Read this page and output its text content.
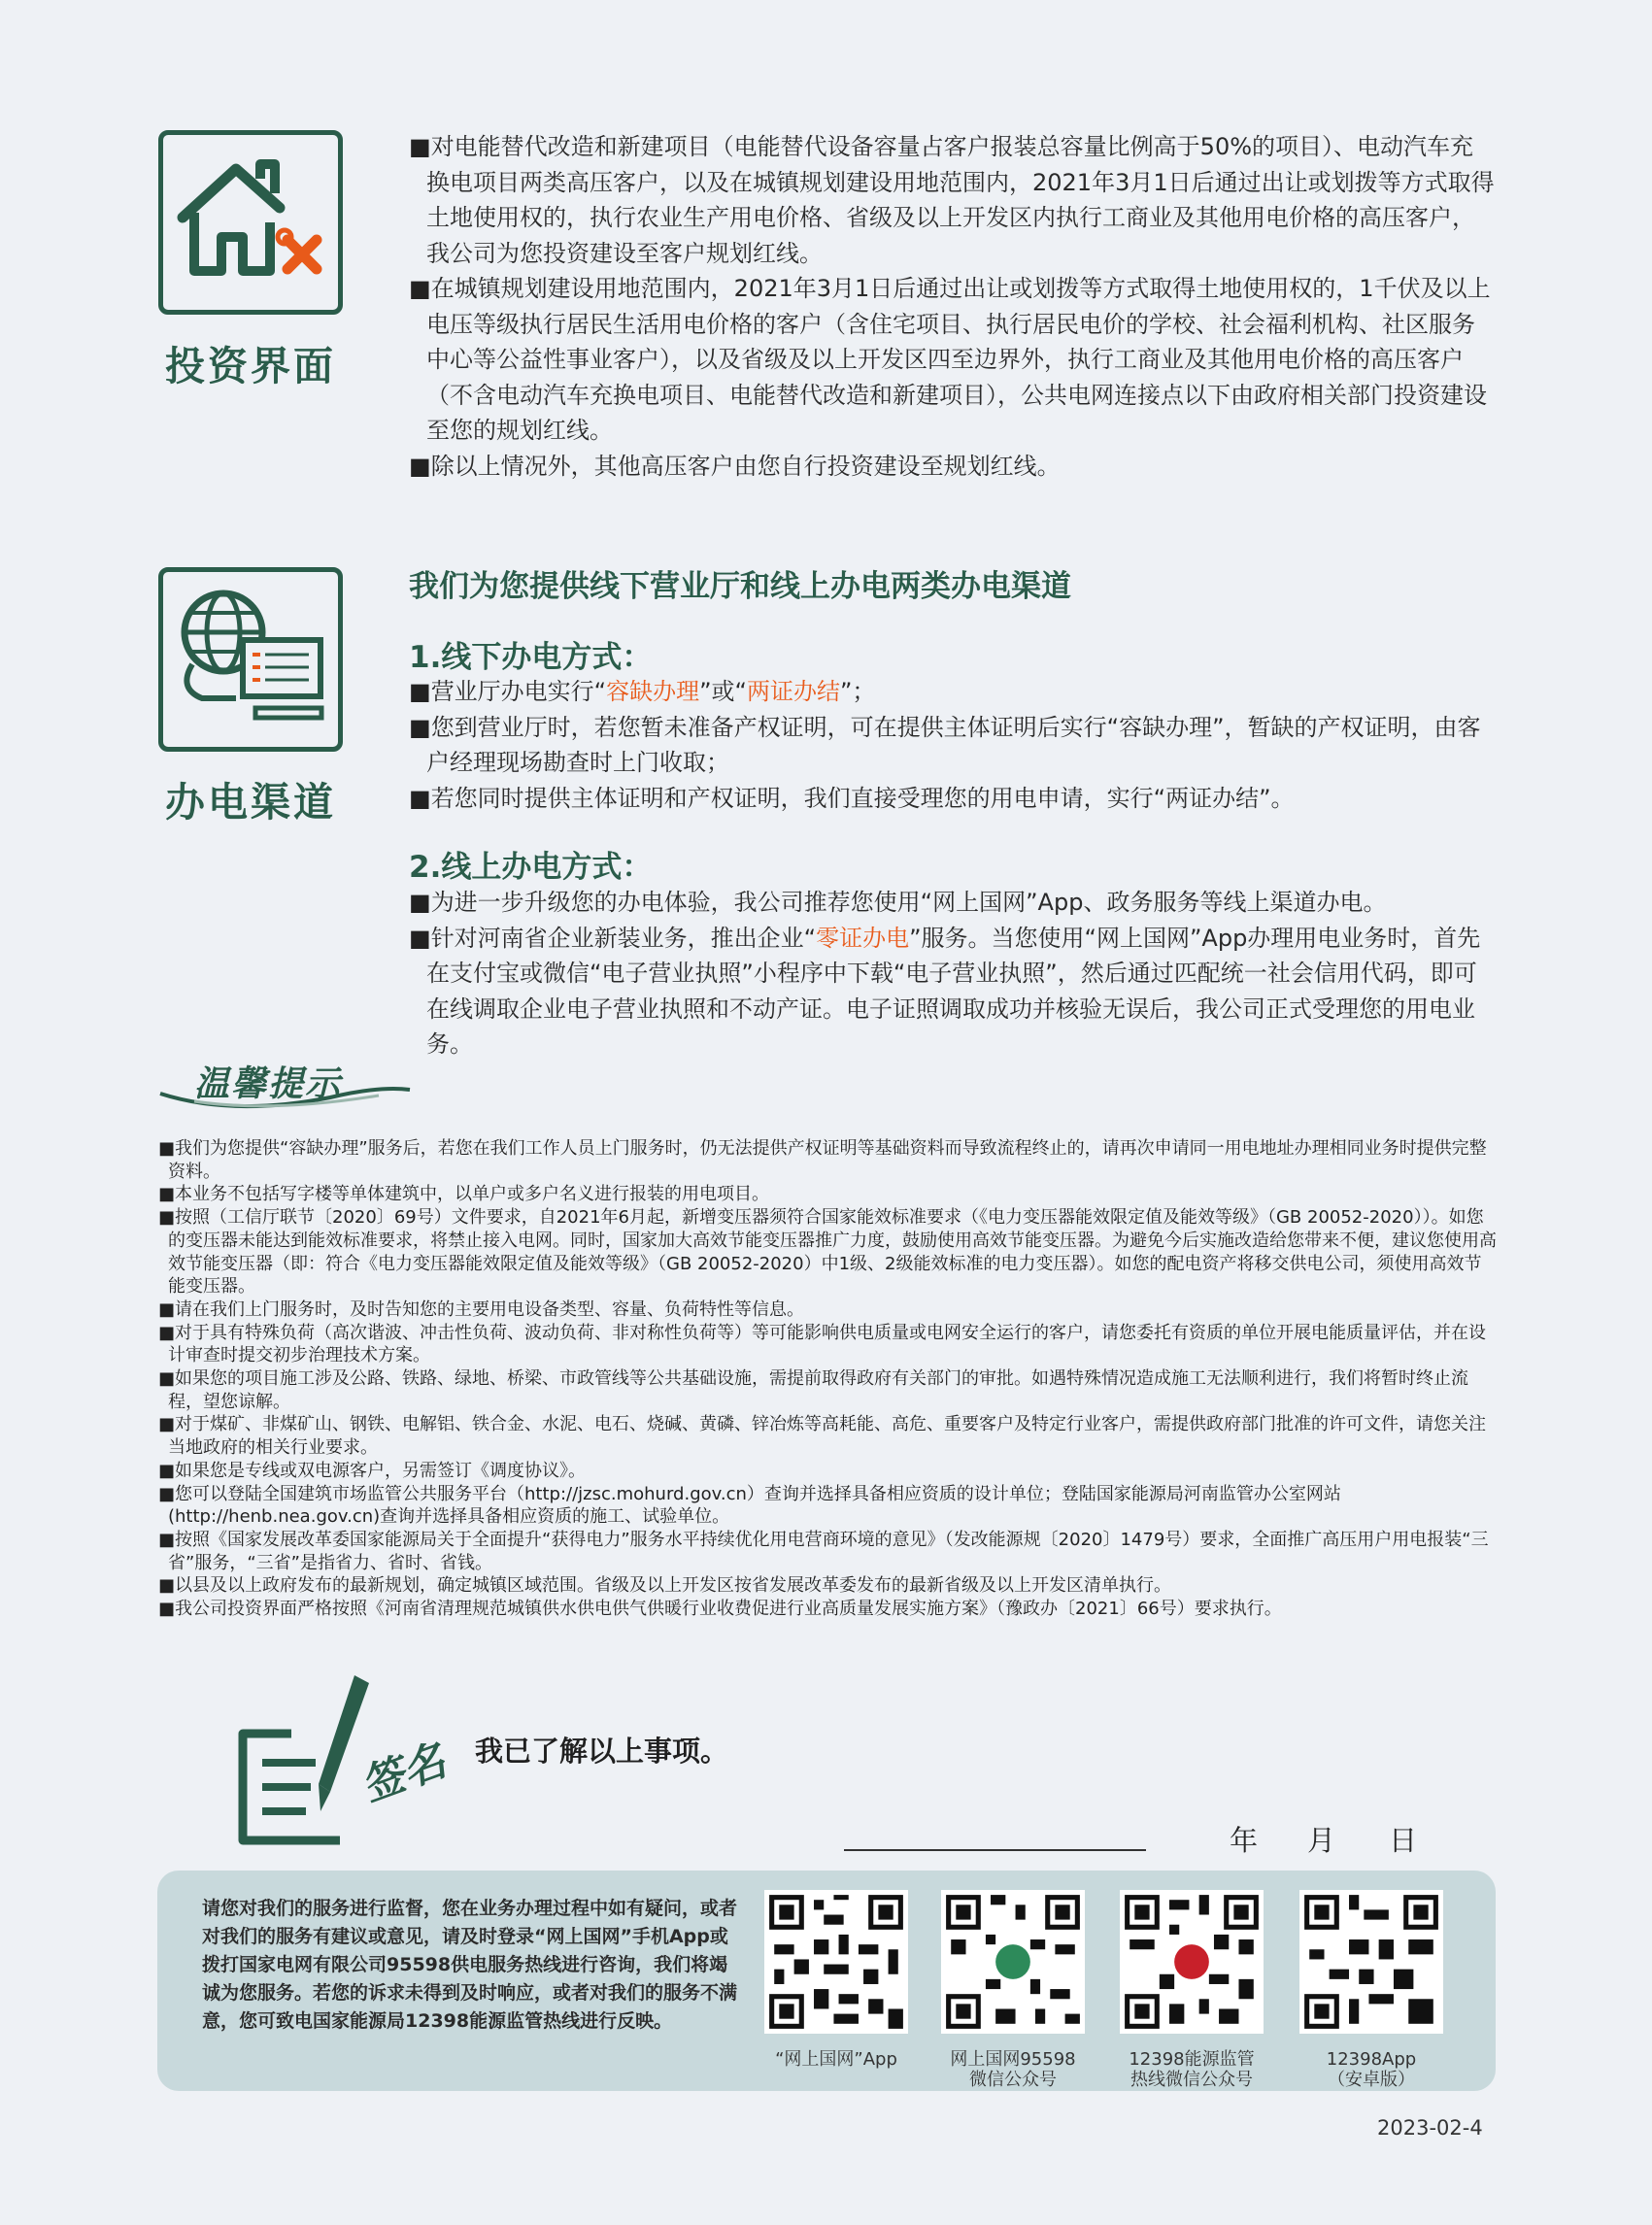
投资界面

■对电能替代改造和新建项目（电能替代设备容量占客户报装总容量比例高于50%的项目）、电动汽车充换电项目两类高压客户，以及在城镇规划建设用地范围内，2021年3月1日后通过出让或划拨等方式取得土地使用权的，执行农业生产用电价格、省级及以上开发区内执行工商业及其他用电价格的高压客户，我公司为您投资建设至客户规划红线。

■在城镇规划建设用地范围内，2021年3月1日后通过出让或划拨等方式取得土地使用权的，1千伏及以上电压等级执行居民生活用电价格的客户（含住宅项目、执行居民电价的学校、社会福利机构、社区服务中心等公益性事业客户），以及省级及以上开发区四至边界外，执行工商业及其他用电价格的高压客户（不含电动汽车充换电项目、电能替代改造和新建项目），公共电网连接点以下由政府相关部门投资建设至您的规划红线。

■除以上情况外，其他高压客户由您自行投资建设至规划红线。

办电渠道
我们为您提供线下营业厅和线上办电两类办电渠道
1.线下办电方式：

■营业厅办电实行“容缺办理”或“两证办结”；

■您到营业厅时，若您暂未准备产权证明，可在提供主体证明后实行“容缺办理”，暂缺的产权证明，由客户经理现场勘查时上门收取；

■若您同时提供主体证明和产权证明，我们直接受理您的用电申请，实行“两证办结”。

2.线上办电方式：

■为进一步升级您的办电体验，我公司推荐您使用“网上国网”App、政务服务等线上渠道办电。

■针对河南省企业新装业务，推出企业“零证办电”服务。当您使用“网上国网”App办理用电业务时，首先在支付宝或微信“电子营业执照”小程序中下载“电子营业执照”，然后通过匹配统一社会信用代码，即可在线调取企业电子营业执照和不动产证。电子证照调取成功并核验无误后，我公司正式受理您的用电业务。

温馨提示

■我们为您提供“容缺办理”服务后，若您在我们工作人员上门服务时，仍无法提供产权证明等基础资料而导致流程终止的，请再次申请同一用电地址办理相同业务时提供完整资料。

■本业务不包括写字楼等单体建筑中，以单户或多户名义进行报装的用电项目。

■按照（工信厅联节〔2020〕69号）文件要求，自2021年6月起，新增变压器须符合国家能效标准要求（《电力变压器能效限定值及能效等级》（GB 20052-2020））。如您的变压器未能达到能效标准要求，将禁止接入电网。同时，国家加大高效节能变压器推广力度，鼓励使用高效节能变压器。为避免今后实施改造给您带来不便，建议您使用高效节能变压器（即：符合《电力变压器能效限定值及能效等级》（GB 20052-2020）中1级、2级能效标准的电力变压器）。如您的配电资产将移交供电公司，须使用高效节能变压器。

■请在我们上门服务时，及时告知您的主要用电设备类型、容量、负荷特性等信息。

■对于具有特殊负荷（高次谐波、冲击性负荷、波动负荷、非对称性负荷等）等可能影响供电质量或电网安全运行的客户，请您委托有资质的单位开展电能质量评估，并在设计审查时提交初步治理技术方案。

■如果您的项目施工涉及公路、铁路、绿地、桥梁、市政管线等公共基础设施，需提前取得政府有关部门的审批。如遇特殊情况造成施工无法顺利进行，我们将暂时终止流程，望您谅解。

■对于煤矿、非煤矿山、钢铁、电解铝、铁合金、水泥、电石、烧碱、黄磷、锌冶炼等高耗能、高危、重要客户及特定行业客户，需提供政府部门批准的许可文件，请您关注当地政府的相关行业要求。

■如果您是专线或双电源客户，另需签订《调度协议》。

■您可以登陆全国建筑市场监管公共服务平台（http://jzsc.mohurd.gov.cn）查询并选择具备相应资质的设计单位；登陆国家能源局河南监管办公室网站(http://henb.nea.gov.cn)查询并选择具备相应资质的施工、试验单位。

■按照《国家发展改革委国家能源局关于全面提升“获得电力”服务水平持续优化用电营商环境的意见》（发改能源规〔2020〕1479号）要求，全面推广高压用户用电报装“三省”服务，“三省”是指省力、省时、省钱。

■以县及以上政府发布的最新规划，确定城镇区域范围。省级及以上开发区按省发展改革委发布的最新省级及以上开发区清单执行。

■我公司投资界面严格按照《河南省清理规范城镇供水供电供气供暖行业收费促进行业高质量发展实施方案》（豫政办〔2021〕66号）要求执行。

签名 我已了解以上事项。
年 月 日
请您对我们的服务进行监督，您在业务办理过程中如有疑问，或者对我们的服务有建议或意见，请及时登录“网上国网”手机App或拨打国家电网有限公司95598供电服务热线进行咨询，我们将竭诚为您服务。若您的诉求未得到及时响应，或者对我们的服务不满意，您可致电国家能源局12398能源监管热线进行反映。
“网上国网”App	网上国网95598
微信公众号
12398能源监管
热线微信公众号
12398App
（安卓版）
2023-02-4
